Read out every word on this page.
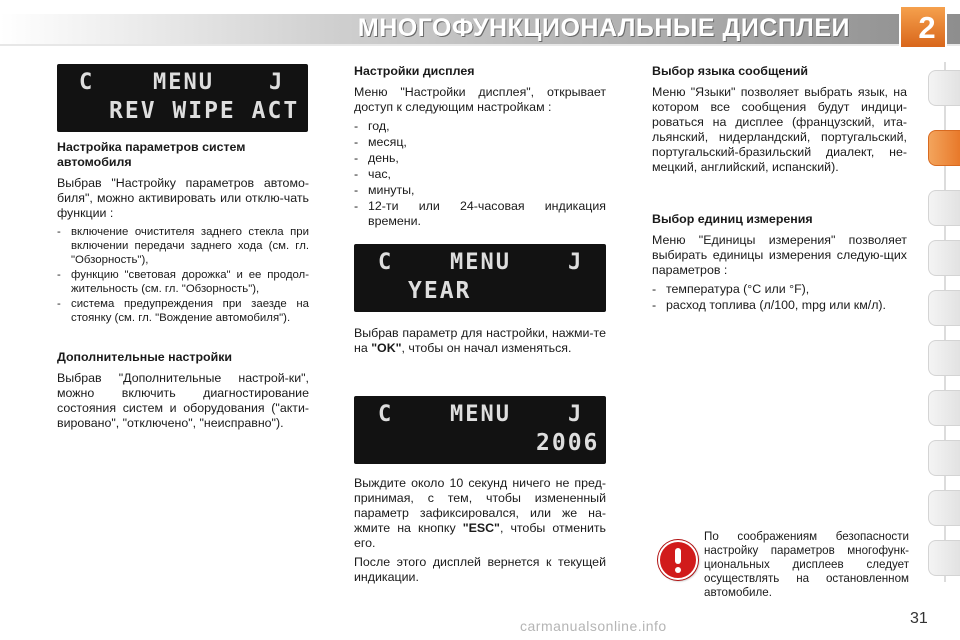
МНОГОФУНКЦИОНАЛЬНЫЕ ДИСПЛЕИ	2
C	MENU	J
REV WIPE ACT
Настройка параметров систем автомобиля

Выбрав "Настройку параметров автомо-биля", можно активировать или отклю-чать функции :

- включение очистителя заднего стекла при включении передачи заднего хода (см. гл. "Обзорность"),
- функцию "световая дорожка" и ее продол-жительность (см. гл. "Обзорность"),
- система предупреждения при заезде на стоянку (см. гл. "Вождение автомобиля").
Дополнительные настройки

Выбрав "Дополнительные настрой-ки", можно включить диагностирование состояния систем и оборудования ("акти-вировано", "отключено", "неисправно").

Настройки дисплея

Меню "Настройки дисплея", открывает доступ к следующим настройкам :

- год,
- месяц,
- день,
- час,
- минуты,
- 12-ти или 24-часовая индикация времени.
C	MENU	J
YEAR

Выбрав параметр для настройки, нажми-те на "OK", чтобы он начал изменяться.

C	MENU	J
2006

Выждите около 10 секунд ничего не пред-принимая, с тем, чтобы измененный параметр зафиксировался, или же на-жмите на кнопку "ESC", чтобы отменить его.

После этого дисплей вернется к текущей индикации.

Выбор языка сообщений

Меню "Языки" позволяет выбрать язык, на котором все сообщения будут индици-роваться на дисплее (французский, ита-льянский, нидерландский, португальский, португальский-бразильский диалект, не-мецкий, английский, испанский).

Выбор единиц измерения

Меню "Единицы измерения" позволяет выбирать единицы измерения следую-щих параметров :

- температура (°C или °F),
- расход топлива (л/100, mpg или км/л).
По соображениям безопасности настройку параметров многофунк-циональных дисплеев следует осуществлять на остановленном автомобиле.
carmanualsonline.info	31
